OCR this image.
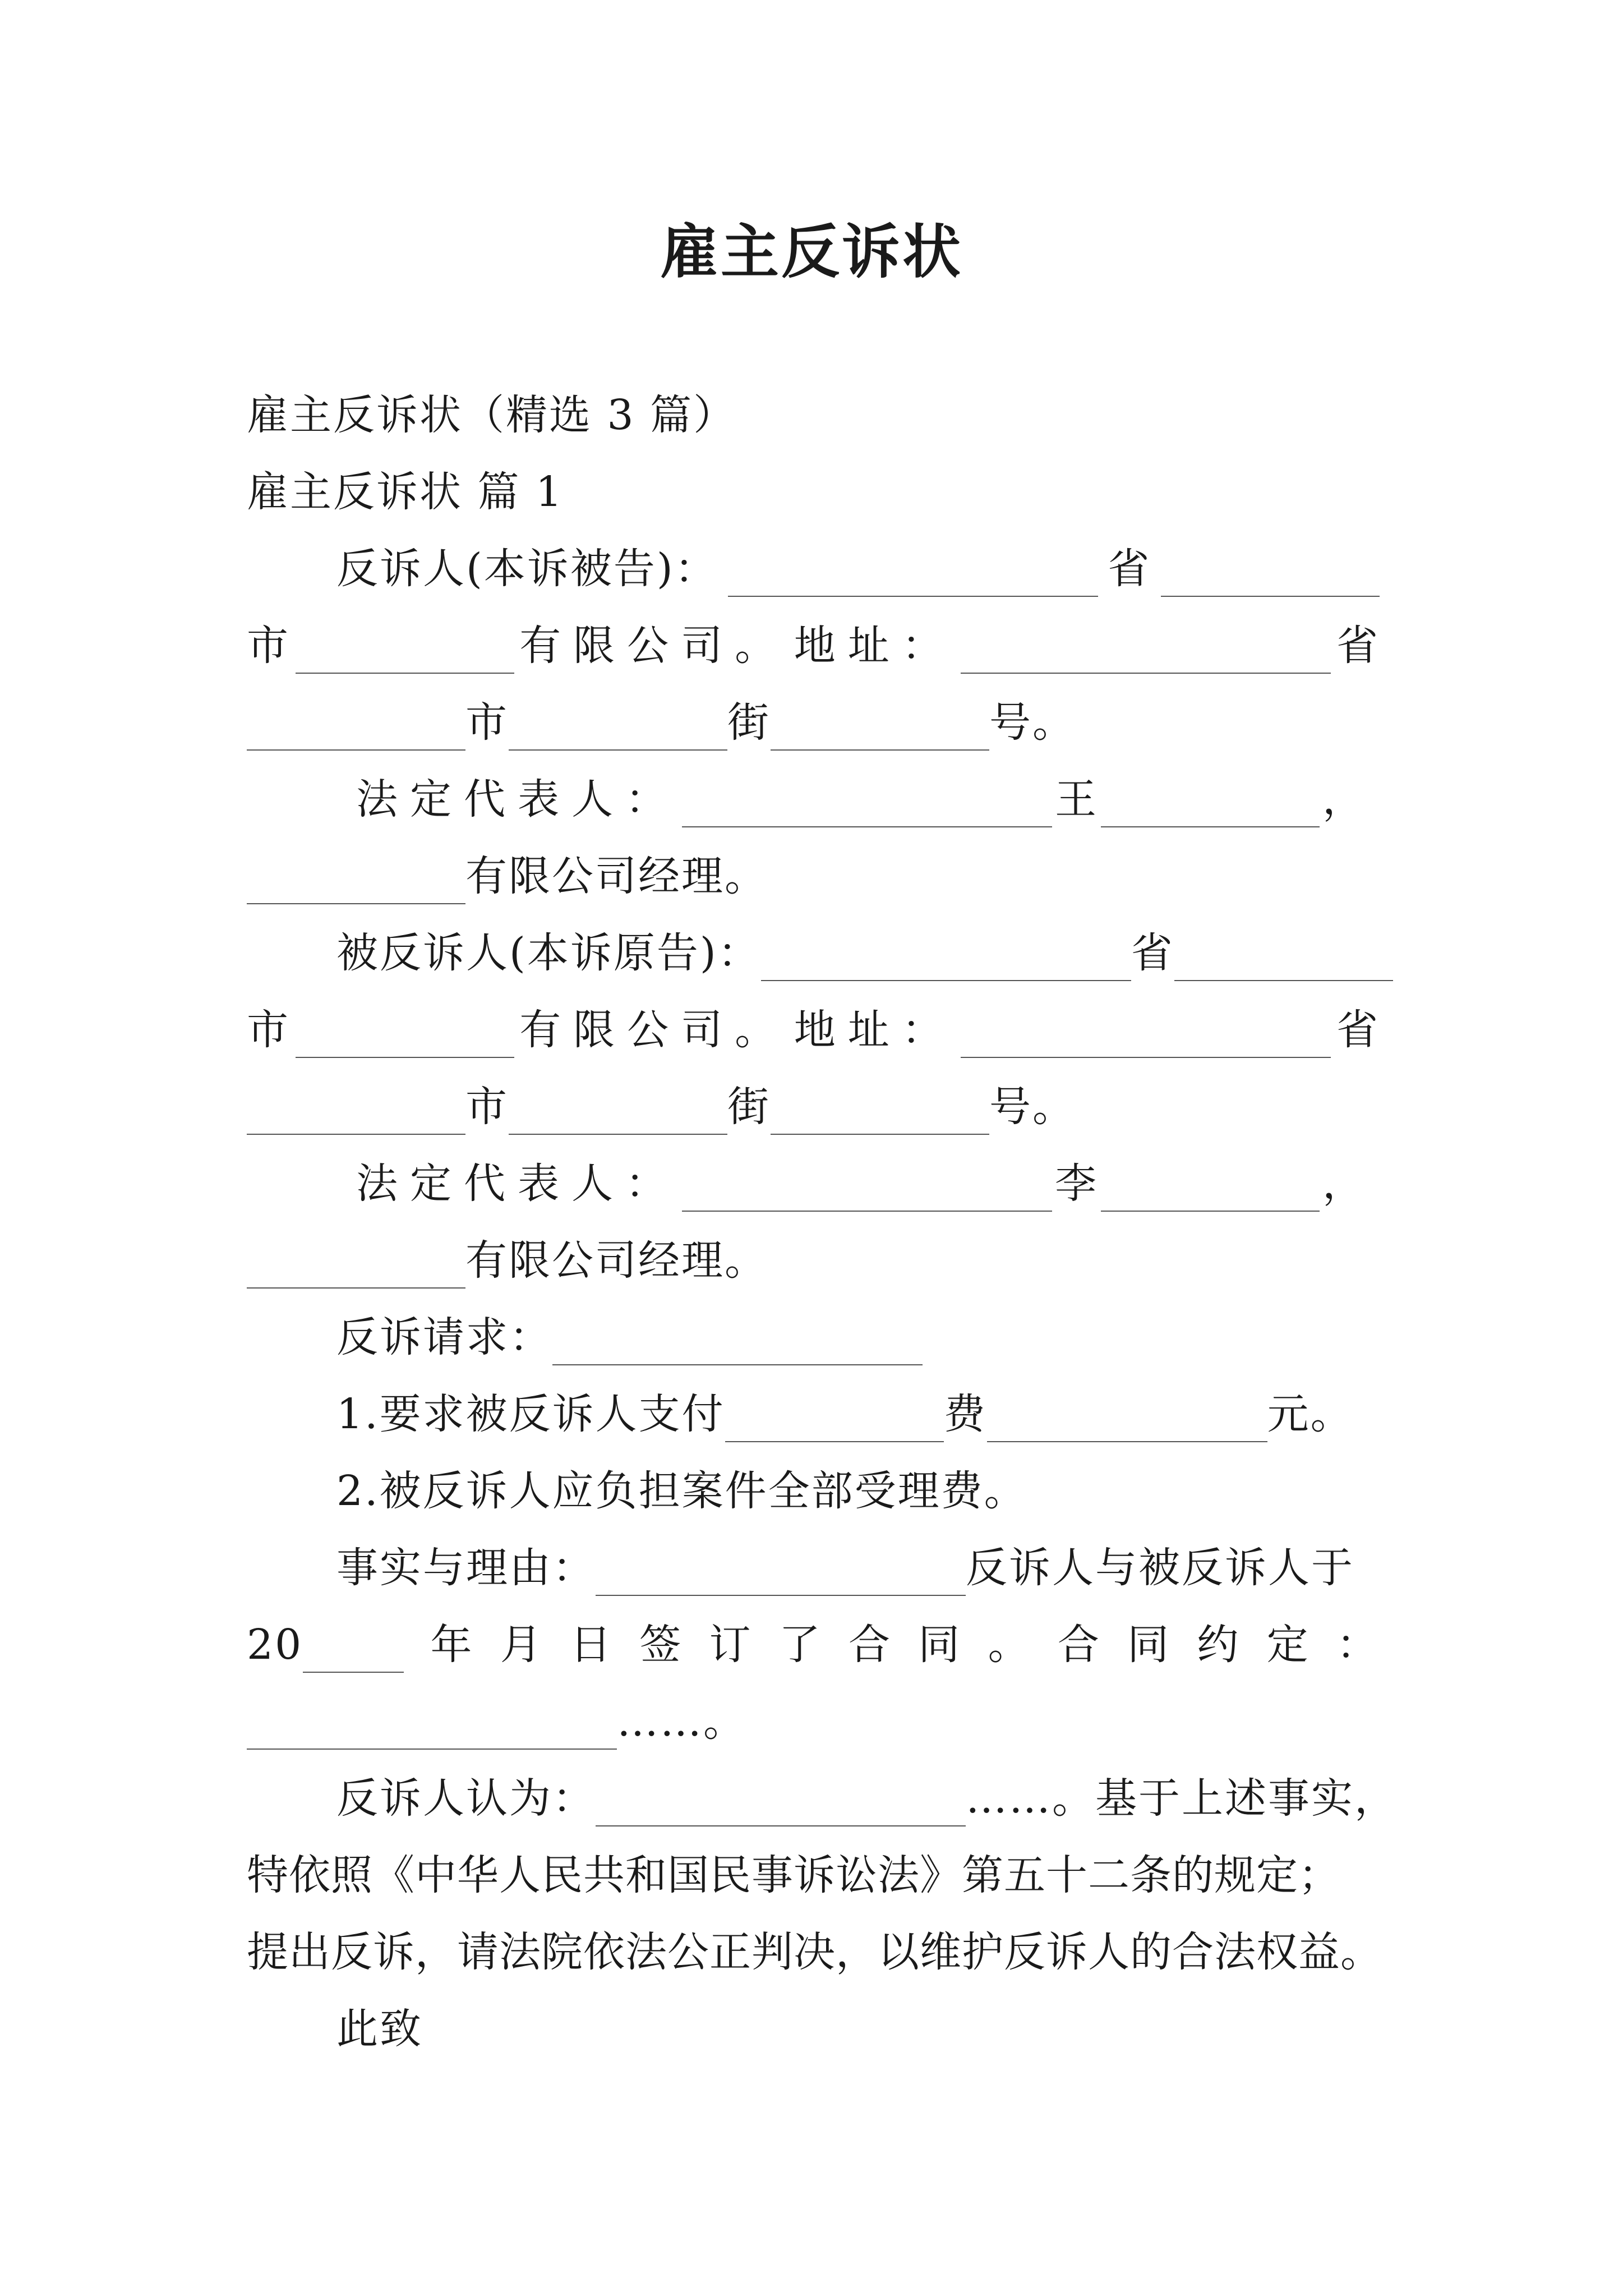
雇主反诉状
雇主反诉状（精选 3 篇）
雇主反诉状 篇 1
反诉人(本诉被告)：	省
市	有限公司。 地址：	省
市	街	号。
法定代表人：	王	，
有限公司经理。
被反诉人(本诉原告)：	省
市	有限公司。 地址：	省
市	街	号。
法定代表人：	李	，
有限公司经理。
反诉请求：
1.要求被反诉人支付	费	元。
2.被反诉人应负担案件全部受理费。
事实与理由：	反诉人与被反诉人于
20	年 月 日 签 订 了 合 同 。 合 同 约 定 ：
……。
反诉人认为：	……。基于上述事实，
特依照《中华人民共和国民事诉讼法》第五十二条的规定；
提出反诉，请法院依法公正判决，以维护反诉人的合法权益。
此致
